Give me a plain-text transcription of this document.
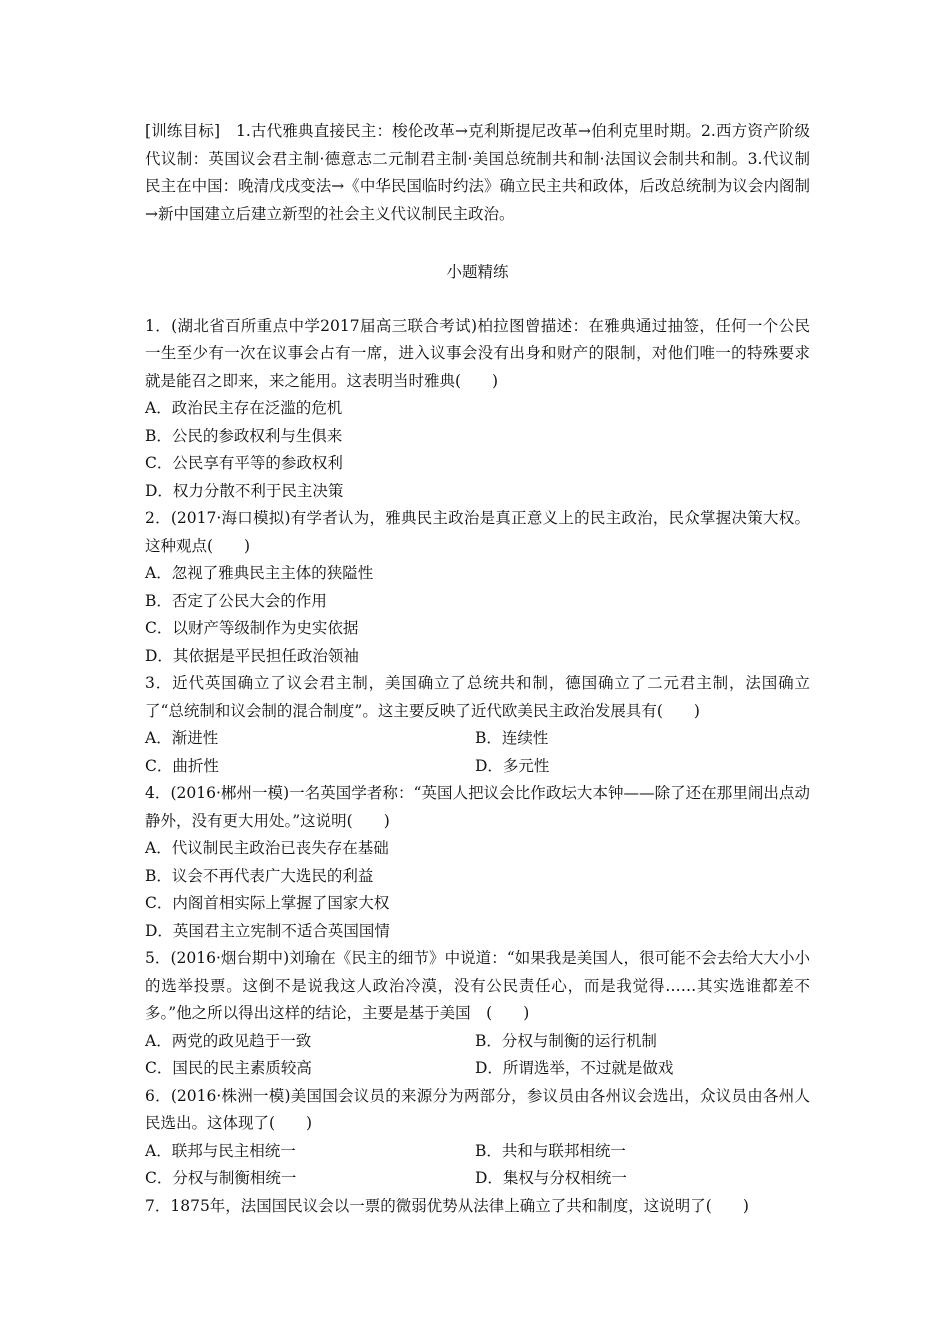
[训练目标]　1.古代雅典直接民主：梭伦改革→克利斯提尼改革→伯利克里时期。2.西方资产阶级代议制：英国议会君主制·德意志二元制君主制·美国总统制共和制·法国议会制共和制。3.代议制民主在中国：晚清戊戌变法→《中华民国临时约法》确立民主共和政体，后改总统制为议会内阁制→新中国建立后建立新型的社会主义代议制民主政治。

小题精练

1．(湖北省百所重点中学2017届高三联合考试)柏拉图曾描述：在雅典通过抽签，任何一个公民一生至少有一次在议事会占有一席，进入议事会没有出身和财产的限制，对他们唯一的特殊要求就是能召之即来，来之能用。这表明当时雅典(　　)

A．政治民主存在泛滥的危机

B．公民的参政权利与生俱来

C．公民享有平等的参政权利

D．权力分散不利于民主决策

2．(2017·海口模拟)有学者认为，雅典民主政治是真正意义上的民主政治，民众掌握决策大权。这种观点(　　)

A．忽视了雅典民主主体的狭隘性

B．否定了公民大会的作用

C．以财产等级制作为史实依据

D．其依据是平民担任政治领袖

3．近代英国确立了议会君主制，美国确立了总统共和制，德国确立了二元君主制，法国确立了“总统制和议会制的混合制度”。这主要反映了近代欧美民主政治发展具有(　　)

A．渐进性	B．连续性

C．曲折性	D．多元性

4．(2016·郴州一模)一名英国学者称：“英国人把议会比作政坛大本钟——除了还在那里闹出点动静外，没有更大用处。”这说明(　　)

A．代议制民主政治已丧失存在基础

B．议会不再代表广大选民的利益

C．内阁首相实际上掌握了国家大权

D．英国君主立宪制不适合英国国情

5．(2016·烟台期中)刘瑜在《民主的细节》中说道：“如果我是美国人，很可能不会去给大大小小的选举投票。这倒不是说我这人政治冷漠，没有公民责任心，而是我觉得……其实选谁都差不多。”他之所以得出这样的结论，主要是基于美国　(　　)

A．两党的政见趋于一致	B．分权与制衡的运行机制

C．国民的民主素质较高	D．所谓选举，不过就是做戏

6．(2016·株洲一模)美国国会议员的来源分为两部分，参议员由各州议会选出，众议员由各州人民选出。这体现了(　　)

A．联邦与民主相统一	B．共和与联邦相统一

C．分权与制衡相统一	D．集权与分权相统一

7．1875年，法国国民议会以一票的微弱优势从法律上确立了共和制度，这说明了(　　)
